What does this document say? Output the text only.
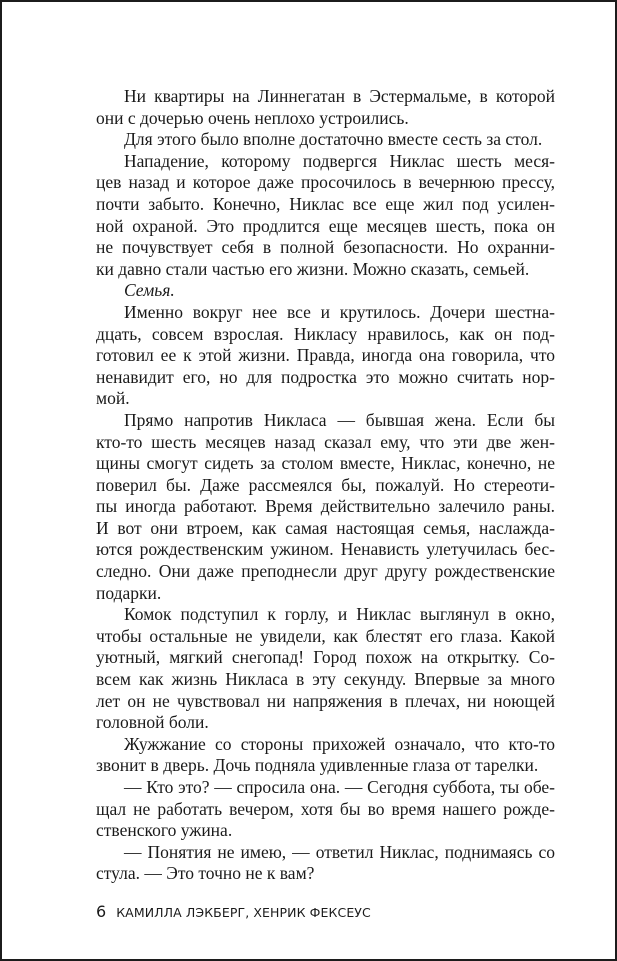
Ни квартиры на Линнегатан в Эстермальме, в которой
они с дочерью очень неплохо устроились.
Для этого было вполне достаточно вместе сесть за стол.
Нападение, которому подвергся Никлас шесть меся-
цев назад и которое даже просочилось в вечернюю прессу,
почти забыто. Конечно, Никлас все еще жил под усилен-
ной охраной. Это продлится еще месяцев шесть, пока он
не почувствует себя в полной безопасности. Но охранни-
ки давно стали частью его жизни. Можно сказать, семьей.
Семья.
Именно вокруг нее все и крутилось. Дочери шестна-
дцать, совсем взрослая. Никласу нравилось, как он под-
готовил ее к этой жизни. Правда, иногда она говорила, что
ненавидит его, но для подростка это можно считать нор-
мой.
Прямо напротив Никласа — бывшая жена. Если бы
кто-то шесть месяцев назад сказал ему, что эти две жен-
щины смогут сидеть за столом вместе, Никлас, конечно, не
поверил бы. Даже рассмеялся бы, пожалуй. Но стереоти-
пы иногда работают. Время действительно залечило раны.
И вот они втроем, как самая настоящая семья, наслажда-
ются рождественским ужином. Ненависть улетучилась бес-
следно. Они даже преподнесли друг другу рождественские
подарки.
Комок подступил к горлу, и Никлас выглянул в окно,
чтобы остальные не увидели, как блестят его глаза. Какой
уютный, мягкий снегопад! Город похож на открытку. Со-
всем как жизнь Никласа в эту секунду. Впервые за много
лет он не чувствовал ни напряжения в плечах, ни ноющей
головной боли.
Жужжание со стороны прихожей означало, что кто-то
звонит в дверь. Дочь подняла удивленные глаза от тарелки.
— Кто это? — спросила она. — Сегодня суббота, ты обе-
щал не работать вечером, хотя бы во время нашего рожде-
ственского ужина.
— Понятия не имею, — ответил Никлас, поднимаясь со
стула. — Это точно не к вам?
6 КАМИЛЛА ЛЭКБЕРГ, ХЕНРИК ФЕКСЕУС
